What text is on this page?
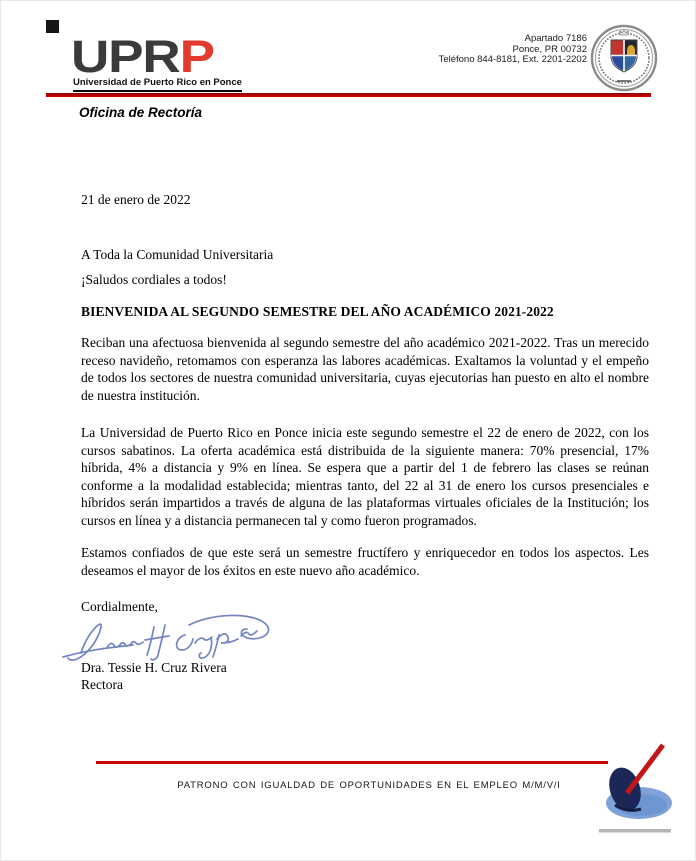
UPRP
Universidad de Puerto Rico en Ponce
Apartado 7186
Ponce, PR 00732
Teléfono 844-8181, Ext. 2201-2202
Oficina de Rectoría
21 de enero de 2022
A Toda la Comunidad Universitaria
¡Saludos cordiales a todos!
BIENVENIDA AL SEGUNDO SEMESTRE DEL AÑO ACADÉMICO 2021-2022

Reciban una afectuosa bienvenida al segundo semestre del año académico 2021-2022. Tras un merecido receso navideño, retomamos con esperanza las labores académicas. Exaltamos la voluntad y el empeño de todos los sectores de nuestra comunidad universitaria, cuyas ejecutorias han puesto en alto el nombre de nuestra institución.

La Universidad de Puerto Rico en Ponce inicia este segundo semestre el 22 de enero de 2022, con los cursos sabatinos. La oferta académica está distribuida de la siguiente manera: 70% presencial, 17% híbrida, 4% a distancia y 9% en línea. Se espera que a partir del 1 de febrero las clases se reúnan conforme a la modalidad establecida; mientras tanto, del 22 al 31 de enero los cursos presenciales e híbridos serán impartidos a través de alguna de las plataformas virtuales oficiales de la Institución; los cursos en línea y a distancia permanecen tal y como fueron programados.

Estamos confiados de que este será un semestre fructífero y enriquecedor en todos los aspectos. Les deseamos el mayor de los éxitos en este nuevo año académico.

Cordialmente,
Dra. Tessie H. Cruz Rivera
Rectora
PATRONO CON IGUALDAD DE OPORTUNIDADES EN EL EMPLEO M/M/V/I
